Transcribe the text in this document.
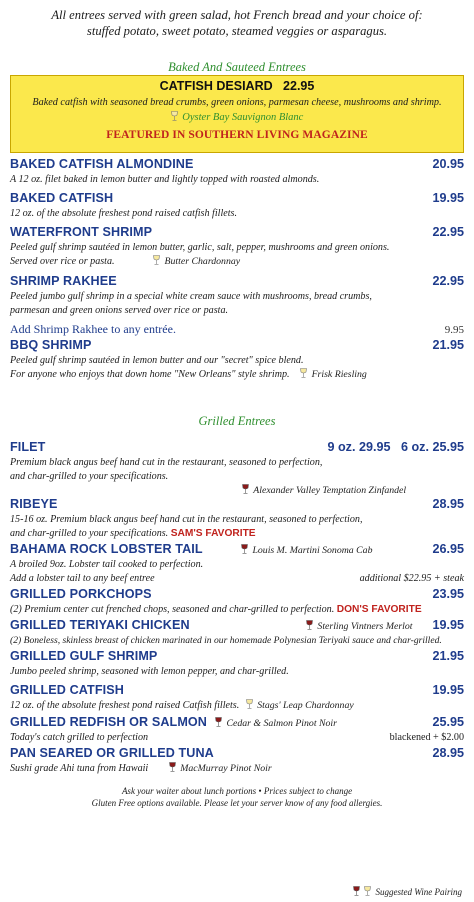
All entrees served with green salad, hot French bread and your choice of:
stuffed potato, sweet potato, steamed veggies or asparagus.
Baked And Sauteed Entrees
CATFISH DESIARD 22.95
Baked catfish with seasoned bread crumbs, green onions, parmesan cheese, mushrooms and shrimp.
Oyster Bay Sauvignon Blanc
FEATURED IN SOUTHERN LIVING MAGAZINE
BAKED CATFISH ALMONDINE	20.95
A 12 oz. filet baked in lemon butter and lightly topped with roasted almonds.
BAKED CATFISH	19.95
12 oz. of the absolute freshest pond raised catfish fillets.
WATERFRONT SHRIMP	22.95
Peeled gulf shrimp sautéed in lemon butter, garlic, salt, pepper, mushrooms and green onions.
Served over rice or pasta.	Butter Chardonnay
SHRIMP RAKHEE	22.95
Peeled jumbo gulf shrimp in a special white cream sauce with mushrooms, bread crumbs,
parmesan and green onions served over rice or pasta.
Add Shrimp Rakhee to any entrée.	9.95
BBQ SHRIMP	21.95
Peeled gulf shrimp sautéed in lemon butter and our "secret" spice blend.
For anyone who enjoys that down home "New Orleans" style shrimp. Frisk Riesling
Grilled Entrees
FILET	9 oz. 29.95 6 oz. 25.95
Premium black angus beef hand cut in the restaurant, seasoned to perfection,
and char-grilled to your specifications.
Alexander Valley Temptation Zinfandel
RIBEYE	28.95
15-16 oz. Premium black angus beef hand cut in the restaurant, seasoned to perfection,
and char-grilled to your specifications. SAM'S FAVORITE
BAHAMA ROCK LOBSTER TAIL	Louis M. Martini Sonoma Cab	26.95
A broiled 9oz. Lobster tail cooked to perfection.
Add a lobster tail to any beef entree	additional $22.95 + steak
GRILLED PORKCHOPS	23.95
(2) Premium center cut frenched chops, seasoned and char-grilled to perfection. DON'S FAVORITE
GRILLED TERIYAKI CHICKEN	Sterling Vintners Merlot 19.95
(2) Boneless, skinless breast of chicken marinated in our homemade Polynesian Teriyaki sauce and char-grilled.
GRILLED GULF SHRIMP	21.95
Jumbo peeled shrimp, seasoned with lemon pepper, and char-grilled.
GRILLED CATFISH	19.95
12 oz. of the absolute freshest pond raised Catfish fillets. Stags' Leap Chardonnay
GRILLED REDFISH OR SALMON	Cedar & Salmon Pinot Noir	25.95
Today's catch grilled to perfection	blackened + $2.00
PAN SEARED OR GRILLED TUNA	28.95
Sushi grade Ahi tuna from Hawaii	MacMurray Pinot Noir
Ask your waiter about lunch portions • Prices subject to change
Gluten Free options available. Please let your server know of any food allergies.
Suggested Wine Pairing
